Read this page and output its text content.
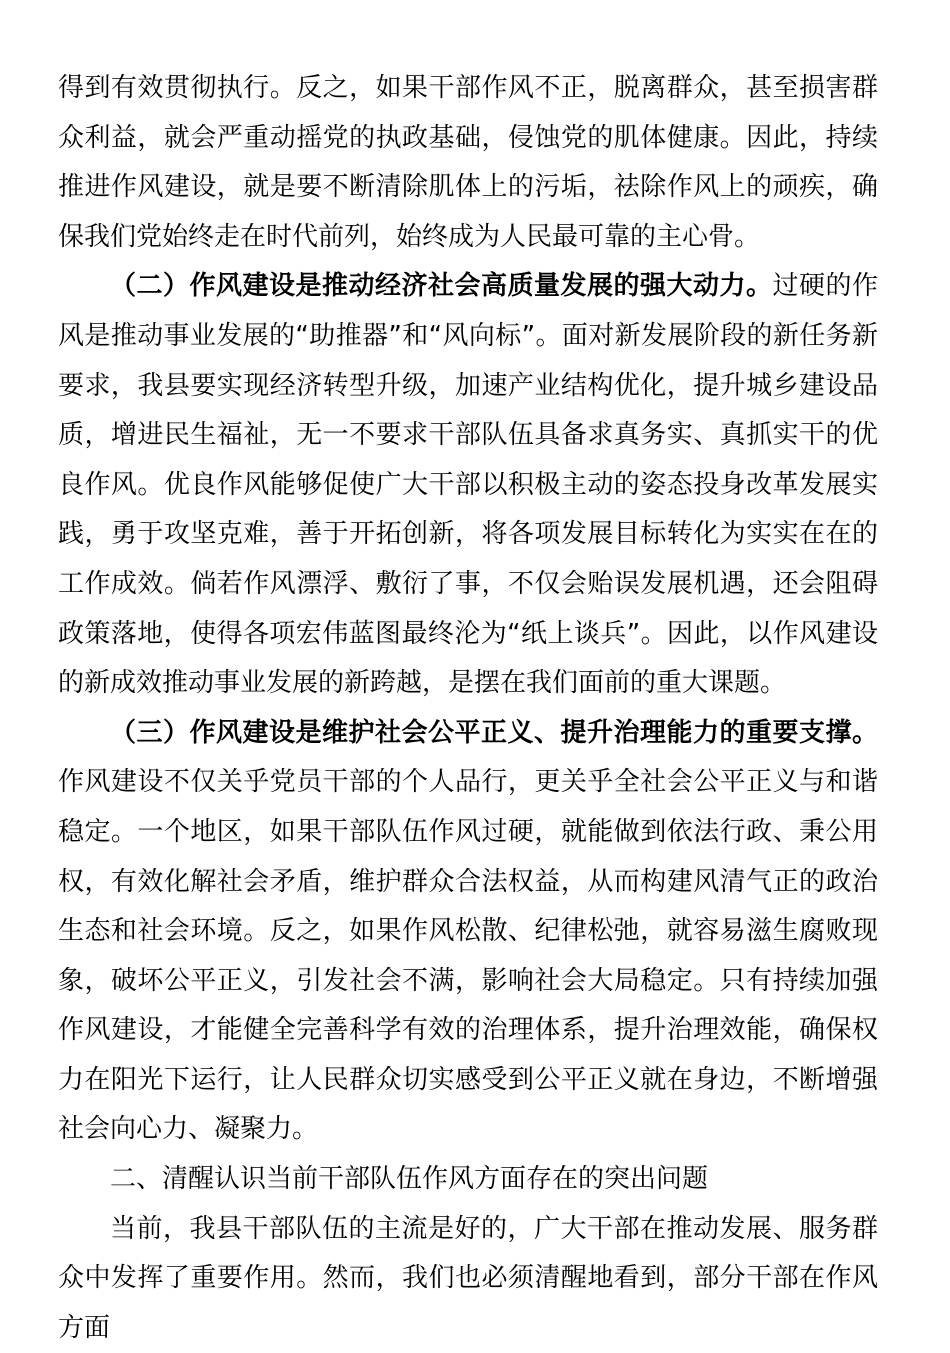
得到有效贯彻执行。反之，如果干部作风不正，脱离群众，甚至损害群众利益，就会严重动摇党的执政基础，侵蚀党的肌体健康。因此，持续推进作风建设，就是要不断清除肌体上的污垢，祛除作风上的顽疾，确保我们党始终走在时代前列，始终成为人民最可靠的主心骨。

（二）作风建设是推动经济社会高质量发展的强大动力。过硬的作风是推动事业发展的“助推器”和“风向标”。面对新发展阶段的新任务新要求，我县要实现经济转型升级，加速产业结构优化，提升城乡建设品质，增进民生福祉，无一不要求干部队伍具备求真务实、真抓实干的优良作风。优良作风能够促使广大干部以积极主动的姿态投身改革发展实践，勇于攻坚克难，善于开拓创新，将各项发展目标转化为实实在在的工作成效。倘若作风漂浮、敷衍了事，不仅会贻误发展机遇，还会阻碍政策落地，使得各项宏伟蓝图最终沦为“纸上谈兵”。因此，以作风建设的新成效推动事业发展的新跨越，是摆在我们面前的重大课题。

（三）作风建设是维护社会公平正义、提升治理能力的重要支撑。作风建设不仅关乎党员干部的个人品行，更关乎全社会公平正义与和谐稳定。一个地区，如果干部队伍作风过硬，就能做到依法行政、秉公用权，有效化解社会矛盾，维护群众合法权益，从而构建风清气正的政治生态和社会环境。反之，如果作风松散、纪律松弛，就容易滋生腐败现象，破坏公平正义，引发社会不满，影响社会大局稳定。只有持续加强作风建设，才能健全完善科学有效的治理体系，提升治理效能，确保权力在阳光下运行，让人民群众切实感受到公平正义就在身边，不断增强社会向心力、凝聚力。

二、清醒认识当前干部队伍作风方面存在的突出问题

当前，我县干部队伍的主流是好的，广大干部在推动发展、服务群众中发挥了重要作用。然而，我们也必须清醒地看到，部分干部在作风方面
